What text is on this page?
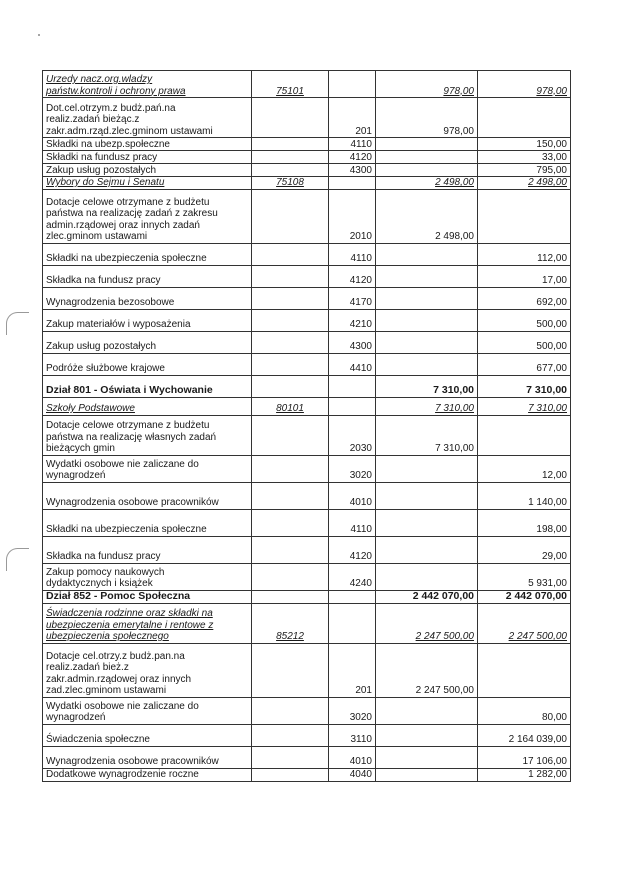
Urzedy nacz.org.wladzy
państw.kontroli i ochrony prawa	75101		978,00	978,00
Dot.cel.otrzym.z budż.pań.na
realiz.zadań bieżąc.z
zakr.adm.rząd.zlec.gminom ustawami		201	978,00	
Składki na ubezp.społeczne		4110		150,00
Składki na fundusz pracy		4120		33,00
Zakup usług pozostałych		4300		795,00
Wybory do Sejmu i Senatu	75108		2 498,00	2 498,00
Dotacje celowe otrzymane z budżetu
państwa na realizację zadań z zakresu
admin.rządowej oraz innych zadań
zlec.gminom ustawami		2010	2 498,00	
Składki na ubezpieczenia społeczne		4110		112,00
Składka na fundusz pracy		4120		17,00
Wynagrodzenia bezosobowe		4170		692,00
Zakup materiałów i wyposażenia		4210		500,00
Zakup usług pozostałych		4300		500,00
Podróże służbowe krajowe		4410		677,00
Dział 801 - Oświata i Wychowanie			7 310,00	7 310,00
Szkoły Podstawowe	80101		7 310,00	7 310,00
Dotacje celowe otrzymane z budżetu
państwa na realizację własnych zadań
bieżących gmin		2030	7 310,00	
Wydatki osobowe nie zaliczane do
wynagrodzeń		3020		12,00
Wynagrodzenia osobowe pracowników		4010		1 140,00
Składki na ubezpieczenia społeczne		4110		198,00
Składka na fundusz pracy		4120		29,00
Zakup pomocy naukowych
dydaktycznych i książek		4240		5 931,00
Dział 852 - Pomoc Społeczna			2 442 070,00	2 442 070,00
Świadczenia rodzinne oraz składki na
ubezpieczenia emerytalne i rentowe z
ubezpieczenia społecznego	85212		2 247 500,00	2 247 500,00
Dotacje cel.otrzy.z budż.pan.na
realiz.zadań bież.z
zakr.admin.rządowej oraz innych
zad.zlec.gminom ustawami		201	2 247 500,00	
Wydatki osobowe nie zaliczane do
wynagrodzeń		3020		80,00
Świadczenia społeczne		3110		2 164 039,00
Wynagrodzenia osobowe pracowników		4010		17 106,00
Dodatkowe wynagrodzenie roczne		4040		1 282,00
